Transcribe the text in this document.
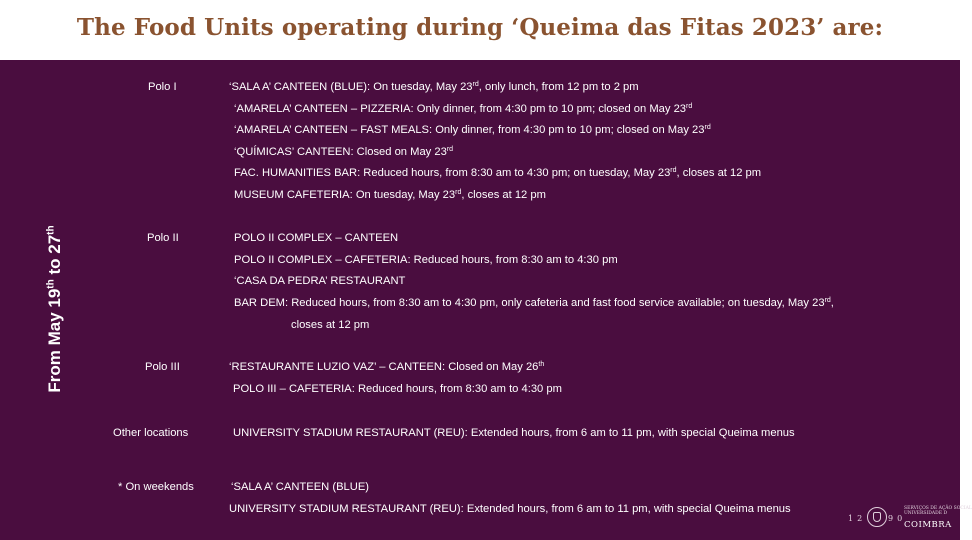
The Food Units operating during ‘Queima das Fitas 2023’ are:
From May 19th to 27th
Polo I	‘SALA A’ CANTEEN (BLUE): On tuesday, May 23rd, only lunch, from 12 pm to 2 pm
‘AMARELA’ CANTEEN – PIZZERIA: Only dinner, from 4:30 pm to 10 pm; closed on May 23rd
‘AMARELA’ CANTEEN – FAST MEALS: Only dinner, from 4:30 pm to 10 pm; closed on May 23rd
‘QUÍMICAS’ CANTEEN: Closed on May 23rd
FAC. HUMANITIES BAR: Reduced hours, from 8:30 am to 4:30 pm; on tuesday, May 23rd, closes at 12 pm
MUSEUM CAFETERIA: On tuesday, May 23rd, closes at 12 pm
Polo II	POLO II COMPLEX – CANTEEN
POLO II COMPLEX – CAFETERIA: Reduced hours, from 8:30 am to 4:30 pm
‘CASA DA PEDRA’ RESTAURANT
BAR DEM: Reduced hours, from 8:30 am to 4:30 pm, only cafeteria and fast food service available; on tuesday, May 23rd,
closes at 12 pm
Polo III	‘RESTAURANTE LUZIO VAZ’ – CANTEEN: Closed on May 26th
POLO III – CAFETERIA: Reduced hours, from 8:30 am to 4:30 pm
Other locations	UNIVERSITY STADIUM RESTAURANT (REU): Extended hours, from 6 am to 11 pm, with special Queima menus
* On weekends	‘SALA A’ CANTEEN (BLUE)
UNIVERSITY STADIUM RESTAURANT (REU): Extended hours, from 6 am to 11 pm, with special Queima menus
12	90
SERVIÇOS DE AÇÃO SOCIAL
UNIVERSIDADE D
COIMBRA
